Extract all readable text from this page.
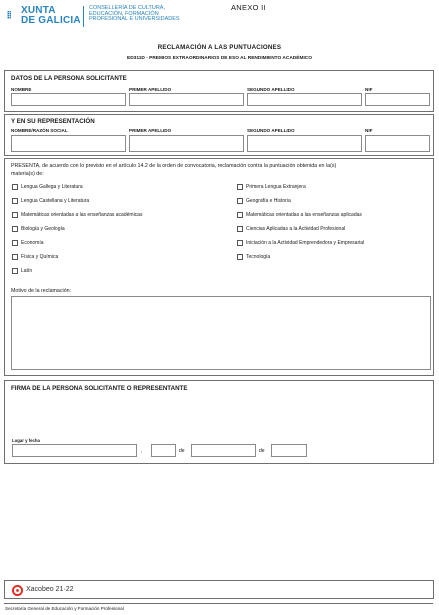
XUNTA
DE GALICIA
CONSELLERÍA DE CULTURA,
EDUCACIÓN, FORMACIÓN
PROFESIONAL E UNIVERSIDADES
ANEXO II
RECLAMACIÓN A LAS PUNTUACIONES
ED311D - PREMIOS EXTRAORDINARIOS DE ESO AL RENDIMIENTO ACADÉMICO
DATOS DE LA PERSONA SOLICITANTE
NOMBRE	PRIMER APELLIDO	SEGUNDO APELLIDO	NIF
Y EN SU REPRESENTACIÓN
NOMBRE/RAZÓN SOCIAL	PRIMER APELLIDO	SEGUNDO APELLIDO	NIF
PRESENTA, de acuerdo con lo previsto en el artículo 14.2 de la orden de convocatoria, reclamación contra la puntuación obtenida en la(s)
materia(s) de:
Lengua Gallega y Literatura
Lengua Castellana y Literatura
Matemáticas orientadas a las enseñanzas académicas
Biología y Geología
Economía
Física y Química
Latín
Primera Lengua Extranjera
Geografía e Historia
Matemáticas orientadas a las enseñanzas aplicadas
Ciencias Aplicadas a la Actividad Profesional
Iniciación a la Actividad Emprendedora y Empresarial
Tecnología
Motivo de la reclamación:
FIRMA DE LA PERSONA SOLICITANTE O REPRESENTANTE
Lugar y fecha
,	de	de
Xacobeo 21·22
Secretaría General de Educación y Formación Profesional
